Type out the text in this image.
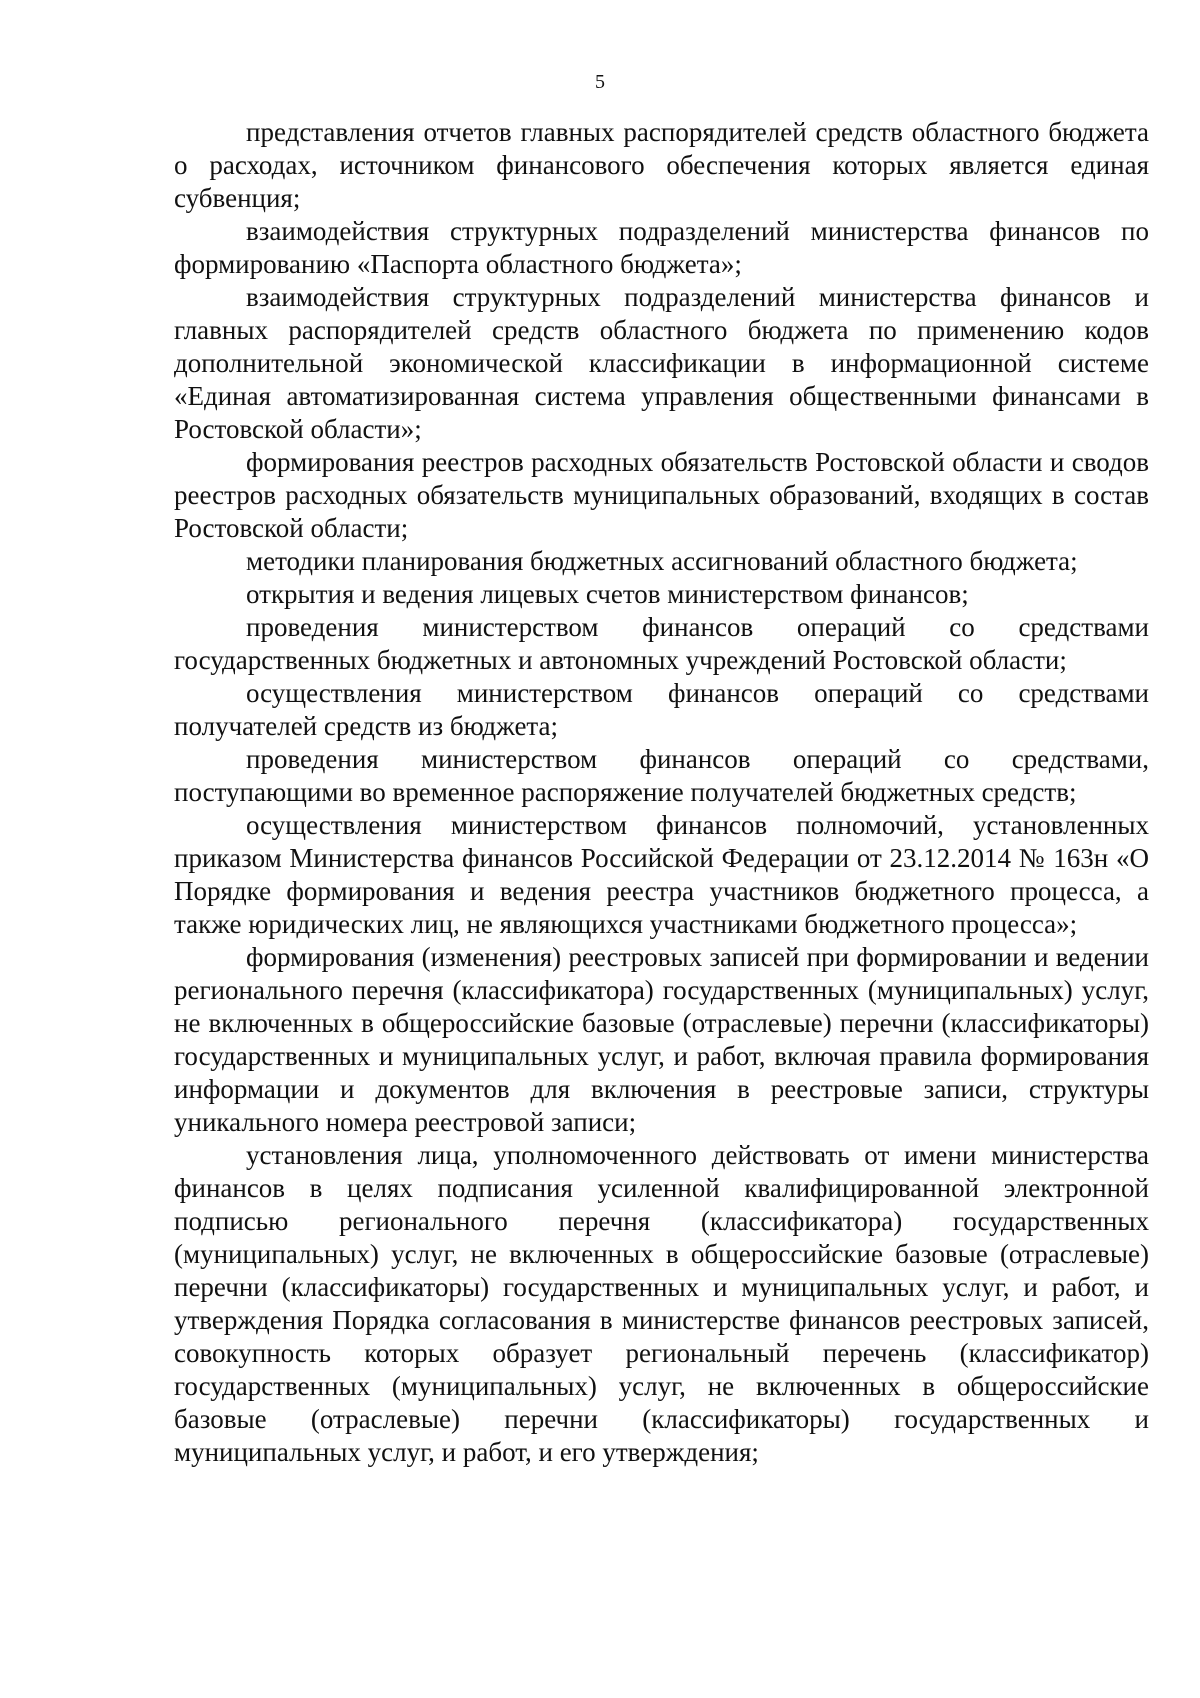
5

представления отчетов главных распорядителей средств областного бюджета о расходах, источником финансового обеспечения которых является единая субвенция;

взаимодействия структурных подразделений министерства финансов по формированию «Паспорта областного бюджета»;

взаимодействия структурных подразделений министерства финансов и главных распорядителей средств областного бюджета по применению кодов дополнительной экономической классификации в информационной системе «Единая автоматизированная система управления общественными финансами в Ростовской области»;

формирования реестров расходных обязательств Ростовской области и сводов реестров расходных обязательств муниципальных образований, входящих в состав Ростовской области;

методики планирования бюджетных ассигнований областного бюджета;

открытия и ведения лицевых счетов министерством финансов;

проведения министерством финансов операций со средствами государственных бюджетных и автономных учреждений Ростовской области;

осуществления министерством финансов операций со средствами получателей средств из бюджета;

проведения министерством финансов операций со средствами, поступающими во временное распоряжение получателей бюджетных средств;

осуществления министерством финансов полномочий, установленных приказом Министерства финансов Российской Федерации от 23.12.2014 № 163н «О Порядке формирования и ведения реестра участников бюджетного процесса, а также юридических лиц, не являющихся участниками бюджетного процесса»;

формирования (изменения) реестровых записей при формировании и ведении регионального перечня (классификатора) государственных (муниципальных) услуг, не включенных в общероссийские базовые (отраслевые) перечни (классификаторы) государственных и муниципальных услуг, и работ, включая правила формирования информации и документов для включения в реестровые записи, структуры уникального номера реестровой записи;

установления лица, уполномоченного действовать от имени министерства финансов в целях подписания усиленной квалифицированной электронной подписью регионального перечня (классификатора) государственных (муниципальных) услуг, не включенных в общероссийские базовые (отраслевые) перечни (классификаторы) государственных и муниципальных услуг, и работ, и утверждения Порядка согласования в министерстве финансов реестровых записей, совокупность которых образует региональный перечень (классификатор) государственных (муниципальных) услуг, не включенных в общероссийские базовые (отраслевые) перечни (классификаторы) государственных и муниципальных услуг, и работ, и его утверждения;
